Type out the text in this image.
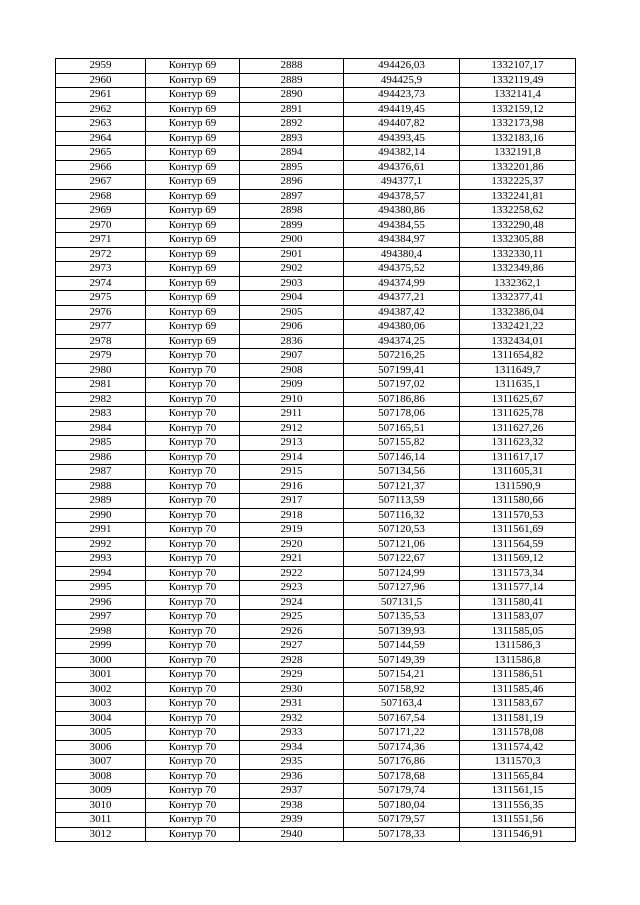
2959	Контур 69	2888	494426,03	1332107,17
2960	Контур 69	2889	494425,9	1332119,49
2961	Контур 69	2890	494423,73	1332141,4
2962	Контур 69	2891	494419,45	1332159,12
2963	Контур 69	2892	494407,82	1332173,98
2964	Контур 69	2893	494393,45	1332183,16
2965	Контур 69	2894	494382,14	1332191,8
2966	Контур 69	2895	494376,61	1332201,86
2967	Контур 69	2896	494377,1	1332225,37
2968	Контур 69	2897	494378,57	1332241,81
2969	Контур 69	2898	494380,86	1332258,62
2970	Контур 69	2899	494384,55	1332290,48
2971	Контур 69	2900	494384,97	1332305,88
2972	Контур 69	2901	494380,4	1332330,11
2973	Контур 69	2902	494375,52	1332349,86
2974	Контур 69	2903	494374,99	1332362,1
2975	Контур 69	2904	494377,21	1332377,41
2976	Контур 69	2905	494387,42	1332386,04
2977	Контур 69	2906	494380,06	1332421,22
2978	Контур 69	2836	494374,25	1332434,01
2979	Контур 70	2907	507216,25	1311654,82
2980	Контур 70	2908	507199,41	1311649,7
2981	Контур 70	2909	507197,02	1311635,1
2982	Контур 70	2910	507186,86	1311625,67
2983	Контур 70	2911	507178,06	1311625,78
2984	Контур 70	2912	507165,51	1311627,26
2985	Контур 70	2913	507155,82	1311623,32
2986	Контур 70	2914	507146,14	1311617,17
2987	Контур 70	2915	507134,56	1311605,31
2988	Контур 70	2916	507121,37	1311590,9
2989	Контур 70	2917	507113,59	1311580,66
2990	Контур 70	2918	507116,32	1311570,53
2991	Контур 70	2919	507120,53	1311561,69
2992	Контур 70	2920	507121,06	1311564,59
2993	Контур 70	2921	507122,67	1311569,12
2994	Контур 70	2922	507124,99	1311573,34
2995	Контур 70	2923	507127,96	1311577,14
2996	Контур 70	2924	507131,5	1311580,41
2997	Контур 70	2925	507135,53	1311583,07
2998	Контур 70	2926	507139,93	1311585,05
2999	Контур 70	2927	507144,59	1311586,3
3000	Контур 70	2928	507149,39	1311586,8
3001	Контур 70	2929	507154,21	1311586,51
3002	Контур 70	2930	507158,92	1311585,46
3003	Контур 70	2931	507163,4	1311583,67
3004	Контур 70	2932	507167,54	1311581,19
3005	Контур 70	2933	507171,22	1311578,08
3006	Контур 70	2934	507174,36	1311574,42
3007	Контур 70	2935	507176,86	1311570,3
3008	Контур 70	2936	507178,68	1311565,84
3009	Контур 70	2937	507179,74	1311561,15
3010	Контур 70	2938	507180,04	1311556,35
3011	Контур 70	2939	507179,57	1311551,56
3012	Контур 70	2940	507178,33	1311546,91
